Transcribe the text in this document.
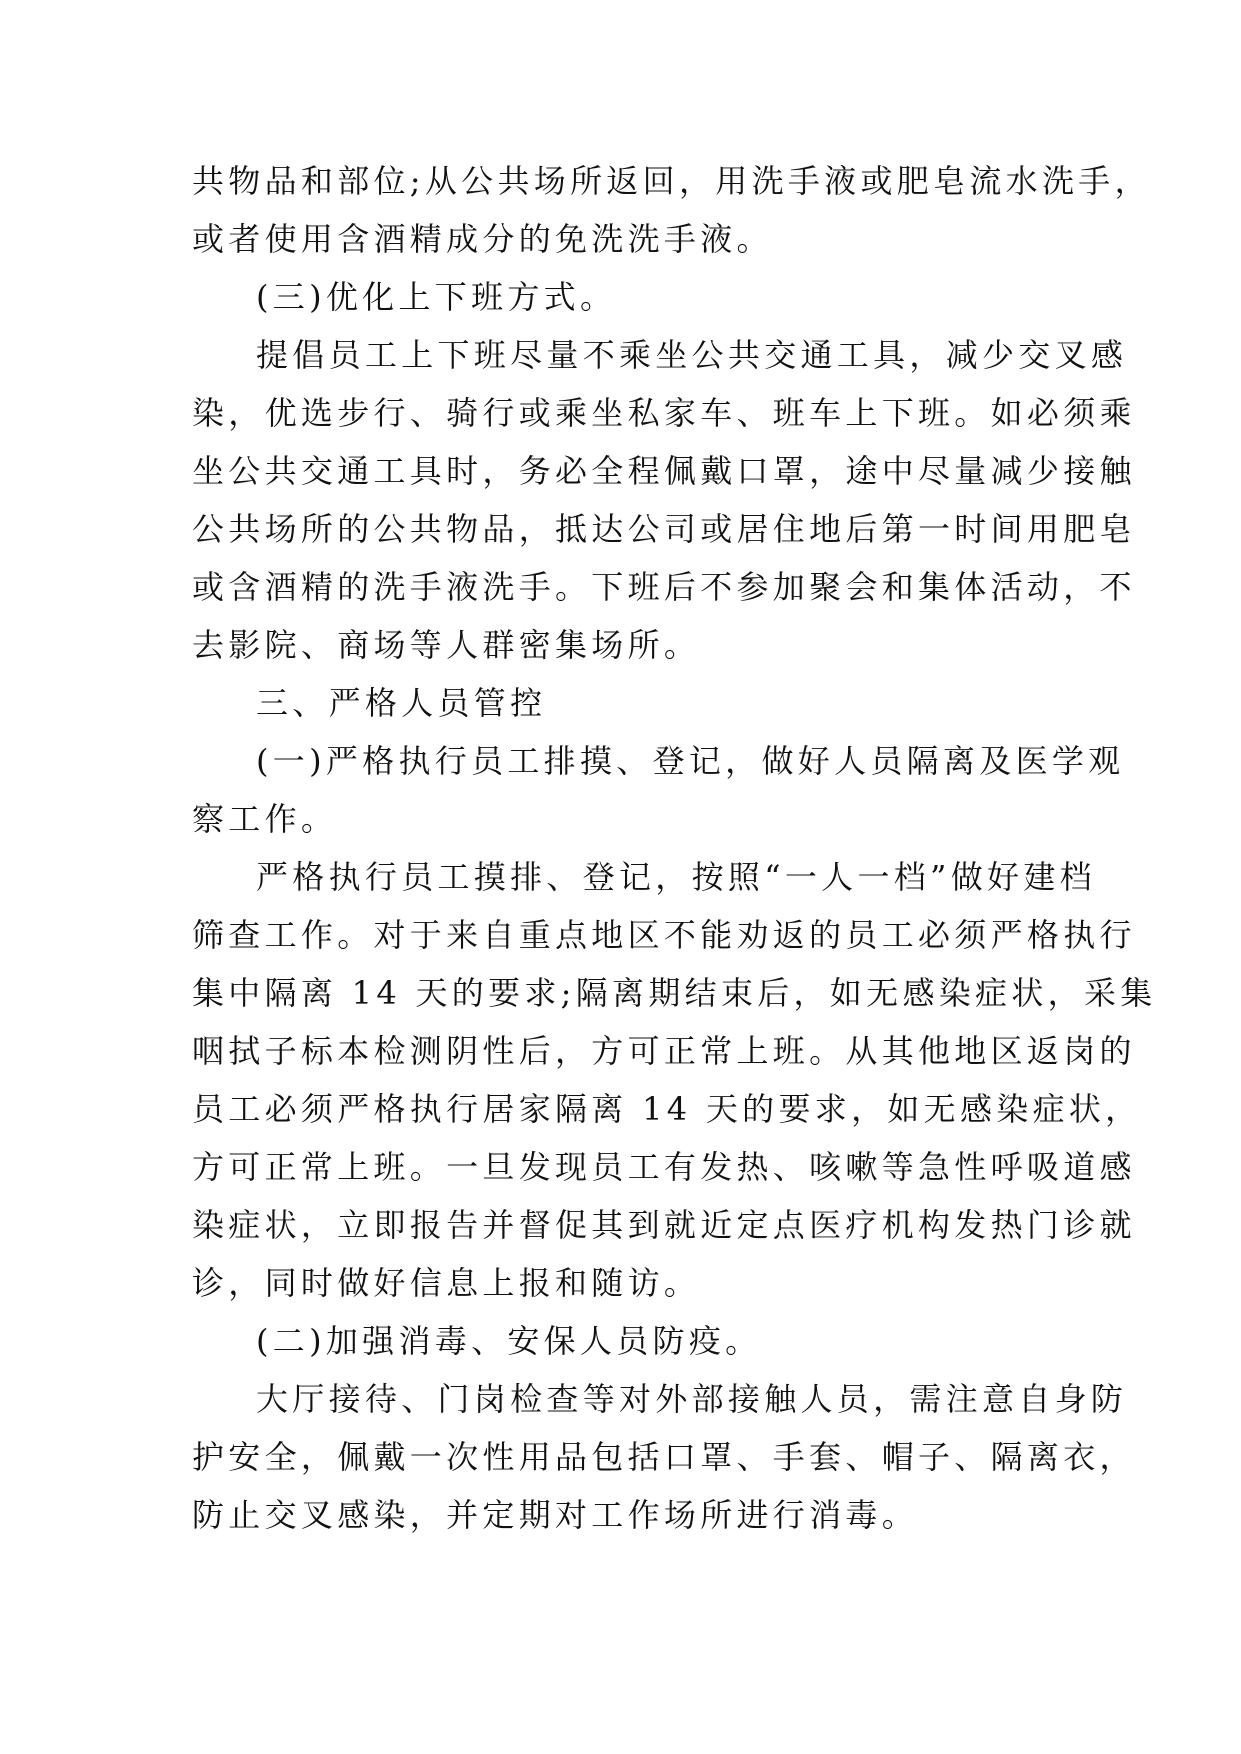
共物品和部位;从公共场所返回，用洗手液或肥皂流水洗手，
或者使用含酒精成分的免洗洗手液。
(三)优化上下班方式。
提倡员工上下班尽量不乘坐公共交通工具，减少交叉感
染，优选步行、骑行或乘坐私家车、班车上下班。如必须乘
坐公共交通工具时，务必全程佩戴口罩，途中尽量减少接触
公共场所的公共物品，抵达公司或居住地后第一时间用肥皂
或含酒精的洗手液洗手。下班后不参加聚会和集体活动，不
去影院、商场等人群密集场所。
三、严格人员管控
(一)严格执行员工排摸、登记，做好人员隔离及医学观
察工作。
严格执行员工摸排、登记，按照“一人一档”做好建档
筛查工作。对于来自重点地区不能劝返的员工必须严格执行
集中隔离 14 天的要求;隔离期结束后，如无感染症状，采集
咽拭子标本检测阴性后，方可正常上班。从其他地区返岗的
员工必须严格执行居家隔离 14 天的要求，如无感染症状，
方可正常上班。一旦发现员工有发热、咳嗽等急性呼吸道感
染症状，立即报告并督促其到就近定点医疗机构发热门诊就
诊，同时做好信息上报和随访。
(二)加强消毒、安保人员防疫。
大厅接待、门岗检查等对外部接触人员，需注意自身防
护安全，佩戴一次性用品包括口罩、手套、帽子、隔离衣，
防止交叉感染，并定期对工作场所进行消毒。
